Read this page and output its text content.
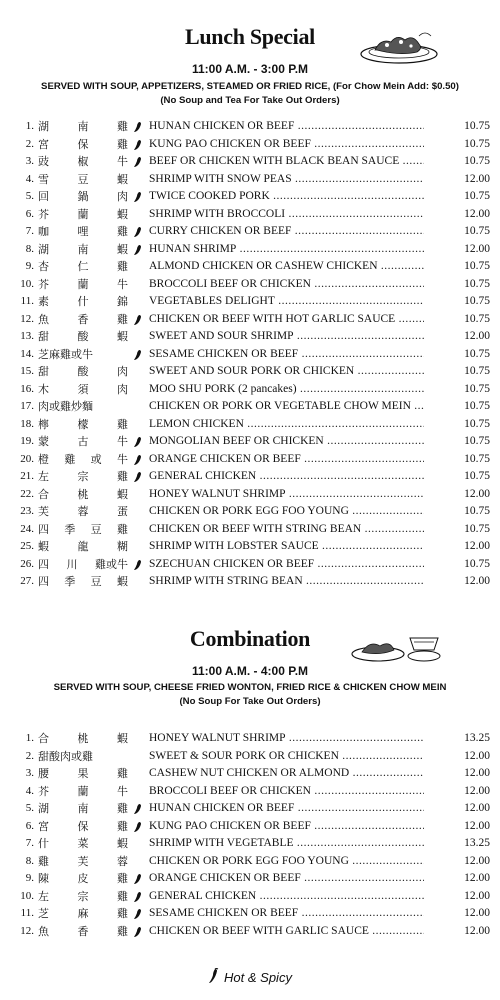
Lunch Special
11:00 A.M. - 3:00 P.M
SERVED WITH SOUP, APPETIZERS, STEAMED OR FRIED RICE, (For Chow Mein Add: $0.50)
(No Soup and Tea For Take Out Orders)
1. 湖	南	雞 HUNAN CHICKEN OR BEEF .....	10.75
2. 宮	保	雞 KUNG PAO CHICKEN OR BEEF .....	10.75
3. 豉	椒	牛 BEEF OR CHICKEN WITH BLACK BEAN SAUCE .....	10.75
4. 雪	豆	蝦 SHRIMP WITH SNOW PEAS .....	12.00
5. 回	鍋	肉 TWICE COOKED PORK .....	10.75
6. 芥	蘭	蝦 SHRIMP WITH BROCCOLI .....	12.00
7. 咖	哩	雞 CURRY CHICKEN OR BEEF .....	10.75
8. 湖	南	蝦 HUNAN SHRIMP .....	12.00
9. 杏	仁	雞 ALMOND CHICKEN OR CASHEW CHICKEN .....	10.75
10. 芥	蘭	牛 BROCCOLI BEEF OR CHICKEN .....	10.75
11. 素	什	錦 VEGETABLES DELIGHT .....	10.75
12. 魚	香	雞 CHICKEN OR BEEF WITH HOT GARLIC SAUCE .....	10.75
13. 甜	酸	蝦 SWEET AND SOUR SHRIMP .....	12.00
14. 芝麻雞或牛	SESAME CHICKEN OR BEEF .....	10.75
15. 甜	酸	肉 SWEET AND SOUR PORK OR CHICKEN .....	10.75
16. 木	須	肉 MOO SHU PORK (2 pancakes) .....	10.75
17. 肉或雞炒麵	CHICKEN OR PORK OR VEGETABLE CHOW MEIN .....	10.75
18. 檸	檬	雞 LEMON CHICKEN .....	10.75
19. 蒙	古	牛 MONGOLIAN BEEF OR CHICKEN .....	10.75
20. 橙 雞 或 牛 ORANGE CHICKEN OR BEEF .....	10.75
21. 左	宗	雞 GENERAL CHICKEN .....	10.75
22. 合	桃	蝦 HONEY WALNUT SHRIMP .....	12.00
23. 芙	蓉	蛋 CHICKEN OR PORK EGG FOO YOUNG .....	10.75
24. 四 季 豆 雞 CHICKEN OR BEEF WITH STRING BEAN .....	10.75
25. 蝦	龍	糊 SHRIMP WITH LOBSTER SAUCE .....	12.00
26. 四 川 雞或牛 SZECHUAN CHICKEN OR BEEF .....	10.75
27. 四 季 豆 蝦 SHRIMP WITH STRING BEAN .....	12.00
Combination
11:00 A.M. - 4:00 P.M
SERVED WITH SOUP, CHEESE FRIED WONTON, FRIED RICE & CHICKEN CHOW MEIN
(No Soup For Take Out Orders)
1. 合	桃	蝦 HONEY WALNUT SHRIMP .....	13.25
2. 甜酸肉或雞	SWEET & SOUR PORK OR CHICKEN .....	12.00
3. 腰	果	雞 CASHEW NUT CHICKEN OR ALMOND .....	12.00
4. 芥	蘭	牛 BROCCOLI BEEF OR CHICKEN .....	12.00
5. 湖	南	雞 HUNAN CHICKEN OR BEEF .....	12.00
6. 宮	保	雞 KUNG PAO CHICKEN OR BEEF .....	12.00
7. 什	菜	蝦 SHRIMP WITH VEGETABLE .....	13.25
8. 雞	芙	蓉 CHICKEN OR PORK EGG FOO YOUNG .....	12.00
9. 陳	皮	雞 ORANGE CHICKEN OR BEEF .....	12.00
10. 左	宗	雞 GENERAL CHICKEN .....	12.00
11. 芝	麻	雞 SESAME CHICKEN OR BEEF .....	12.00
12. 魚	香	雞 CHICKEN OR BEEF WITH GARLIC SAUCE .....	12.00
Hot & Spicy
